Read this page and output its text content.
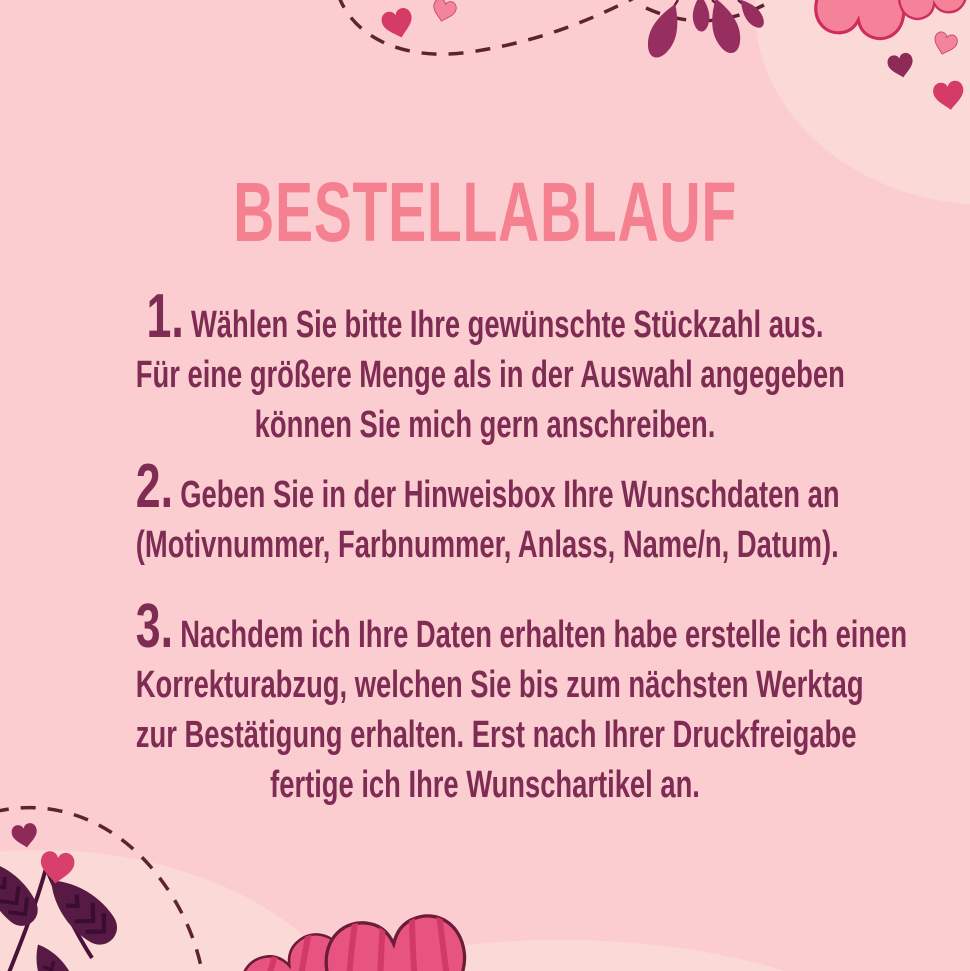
BESTELLABLAUF
1. Wählen Sie bitte Ihre gewünschte Stückzahl aus.
Für eine größere Menge als in der Auswahl angegeben
können Sie mich gern anschreiben.
2. Geben Sie in der Hinweisbox Ihre Wunschdaten an
(Motivnummer, Farbnummer, Anlass, Name/n, Datum).
3. Nachdem ich Ihre Daten erhalten habe erstelle ich einen
Korrekturabzug, welchen Sie bis zum nächsten Werktag
zur Bestätigung erhalten. Erst nach Ihrer Druckfreigabe
fertige ich Ihre Wunschartikel an.
